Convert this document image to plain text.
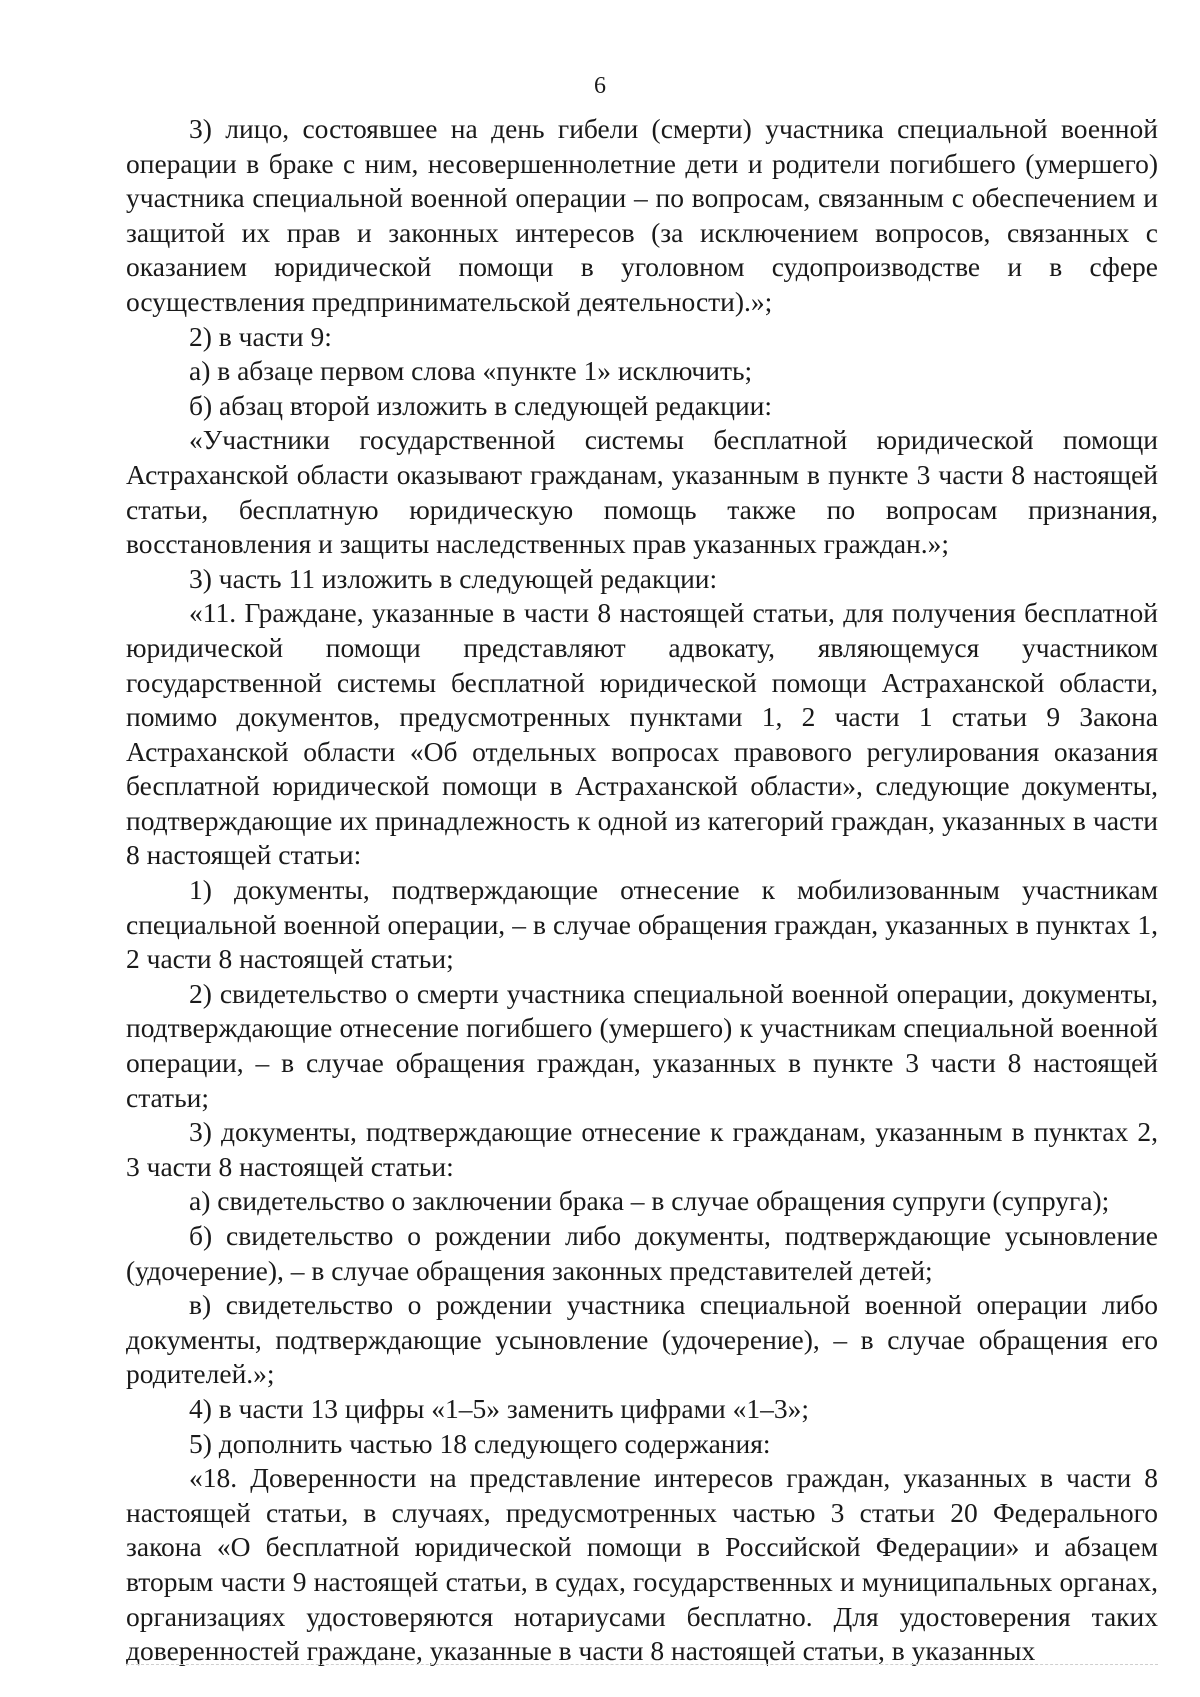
6

3) лицо, состоявшее на день гибели (смерти) участника специальной военной операции в браке с ним, несовершеннолетние дети и родители погибшего (умершего) участника специальной военной операции – по вопросам, связанным с обеспечением и защитой их прав и законных интересов (за исключением вопросов, связанных с оказанием юридической помощи в уголовном судопроизводстве и в сфере осуществления предпринимательской деятельности).»;

2) в части 9:

а) в абзаце первом слова «пункте 1» исключить;

б) абзац второй изложить в следующей редакции:

«Участники государственной системы бесплатной юридической помощи Астраханской области оказывают гражданам, указанным в пункте 3 части 8 настоящей статьи, бесплатную юридическую помощь также по вопросам признания, восстановления и защиты наследственных прав указанных граждан.»;

3) часть 11 изложить в следующей редакции:

«11. Граждане, указанные в части 8 настоящей статьи, для получения бесплатной юридической помощи представляют адвокату, являющемуся участником государственной системы бесплатной юридической помощи Астраханской области, помимо документов, предусмотренных пунктами 1, 2 части 1 статьи 9 Закона Астраханской области «Об отдельных вопросах правового регулирования оказания бесплатной юридической помощи в Астраханской области», следующие документы, подтверждающие их принадлежность к одной из категорий граждан, указанных в части 8 настоящей статьи:

1) документы, подтверждающие отнесение к мобилизованным участникам специальной военной операции, – в случае обращения граждан, указанных в пунктах 1, 2 части 8 настоящей статьи;

2) свидетельство о смерти участника специальной военной операции, документы, подтверждающие отнесение погибшего (умершего) к участникам специальной военной операции, – в случае обращения граждан, указанных в пункте 3 части 8 настоящей статьи;

3) документы, подтверждающие отнесение к гражданам, указанным в пунктах 2, 3 части 8 настоящей статьи:

а) свидетельство о заключении брака – в случае обращения супруги (супруга);

б) свидетельство о рождении либо документы, подтверждающие усыновление (удочерение), – в случае обращения законных представителей детей;

в) свидетельство о рождении участника специальной военной операции либо документы, подтверждающие усыновление (удочерение), – в случае обращения его родителей.»;

4) в части 13 цифры «1–5» заменить цифрами «1–3»;

5) дополнить частью 18 следующего содержания:

«18. Доверенности на представление интересов граждан, указанных в части 8 настоящей статьи, в случаях, предусмотренных частью 3 статьи 20 Федерального закона «О бесплатной юридической помощи в Российской Федерации» и абзацем вторым части 9 настоящей статьи, в судах, государственных и муниципальных органах, организациях удостоверяются нотариусами бесплатно. Для удостоверения таких доверенностей граждане, указанные в части 8 настоящей статьи, в указанных
